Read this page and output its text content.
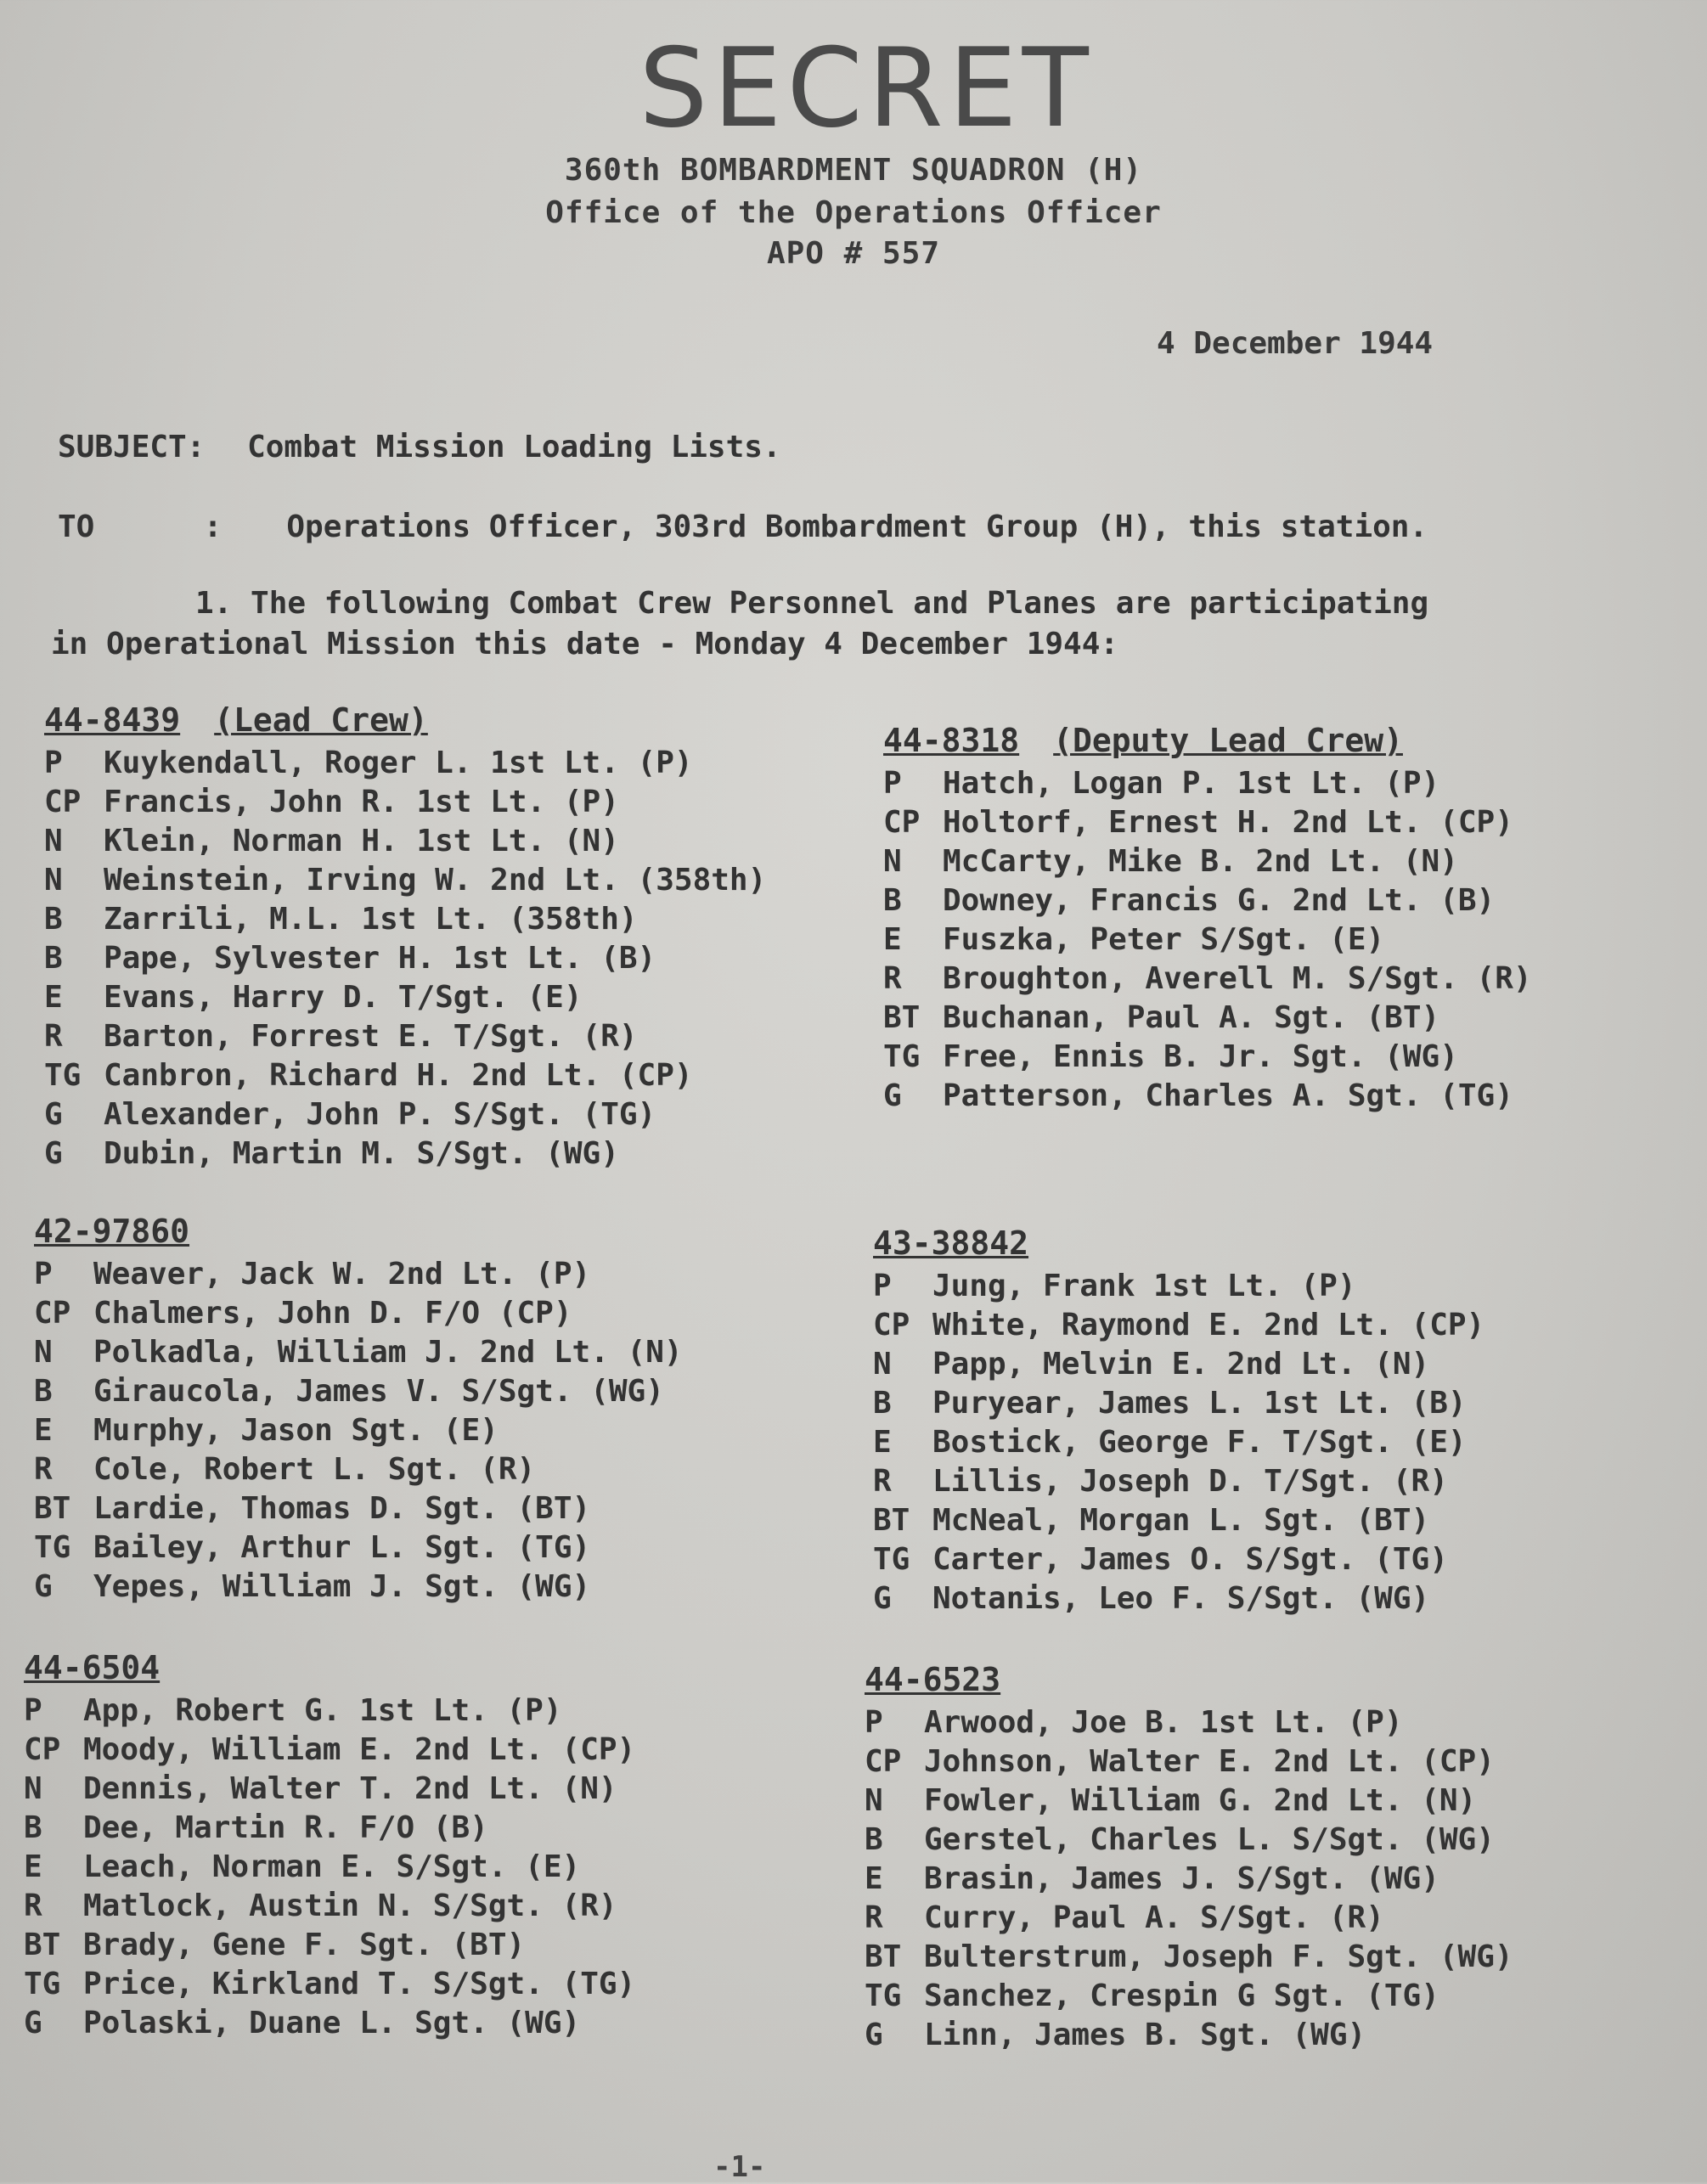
SECRET
360th BOMBARDMENT SQUADRON (H)
Office of the Operations Officer
APO # 557
4 December 1944
SUBJECT: Combat Mission Loading Lists.
TO	: Operations Officer, 303rd Bombardment Group (H), this station.
1. The following Combat Crew Personnel and Planes are participating
in Operational Mission this date - Monday 4 December 1944:
44-8439 (Lead Crew)
P Kuykendall, Roger L. 1st Lt. (P)
CP Francis, John R. 1st Lt. (P)
N Klein, Norman H. 1st Lt. (N)
N Weinstein, Irving W. 2nd Lt. (358th)
B Zarrili, M.L. 1st Lt. (358th)
B Pape, Sylvester H. 1st Lt. (B)
E Evans, Harry D. T/Sgt. (E)
R Barton, Forrest E. T/Sgt. (R)
TG Canbron, Richard H. 2nd Lt. (CP)
G Alexander, John P. S/Sgt. (TG)
G Dubin, Martin M. S/Sgt. (WG)
44-8318 (Deputy Lead Crew)
P Hatch, Logan P. 1st Lt. (P)
CP Holtorf, Ernest H. 2nd Lt. (CP)
N McCarty, Mike B. 2nd Lt. (N)
B Downey, Francis G. 2nd Lt. (B)
E Fuszka, Peter S/Sgt. (E)
R Broughton, Averell M. S/Sgt. (R)
BT Buchanan, Paul A. Sgt. (BT)
TG Free, Ennis B. Jr. Sgt. (WG)
G Patterson, Charles A. Sgt. (TG)
42-97860
P Weaver, Jack W. 2nd Lt. (P)
CP Chalmers, John D. F/O (CP)
N Polkadla, William J. 2nd Lt. (N)
B Giraucola, James V. S/Sgt. (WG)
E Murphy, Jason Sgt. (E)
R Cole, Robert L. Sgt. (R)
BT Lardie, Thomas D. Sgt. (BT)
TG Bailey, Arthur L. Sgt. (TG)
G Yepes, William J. Sgt. (WG)
43-38842
P Jung, Frank 1st Lt. (P)
CP White, Raymond E. 2nd Lt. (CP)
N Papp, Melvin E. 2nd Lt. (N)
B Puryear, James L. 1st Lt. (B)
E Bostick, George F. T/Sgt. (E)
R Lillis, Joseph D. T/Sgt. (R)
BT McNeal, Morgan L. Sgt. (BT)
TG Carter, James O. S/Sgt. (TG)
G Notanis, Leo F. S/Sgt. (WG)
44-6504
P App, Robert G. 1st Lt. (P)
CP Moody, William E. 2nd Lt. (CP)
N Dennis, Walter T. 2nd Lt. (N)
B Dee, Martin R. F/O (B)
E Leach, Norman E. S/Sgt. (E)
R Matlock, Austin N. S/Sgt. (R)
BT Brady, Gene F. Sgt. (BT)
TG Price, Kirkland T. S/Sgt. (TG)
G Polaski, Duane L. Sgt. (WG)
44-6523
P Arwood, Joe B. 1st Lt. (P)
CP Johnson, Walter E. 2nd Lt. (CP)
N Fowler, William G. 2nd Lt. (N)
B Gerstel, Charles L. S/Sgt. (WG)
E Brasin, James J. S/Sgt. (WG)
R Curry, Paul A. S/Sgt. (R)
BT Bulterstrum, Joseph F. Sgt. (WG)
TG Sanchez, Crespin G Sgt. (TG)
G Linn, James B. Sgt. (WG)
-1-
